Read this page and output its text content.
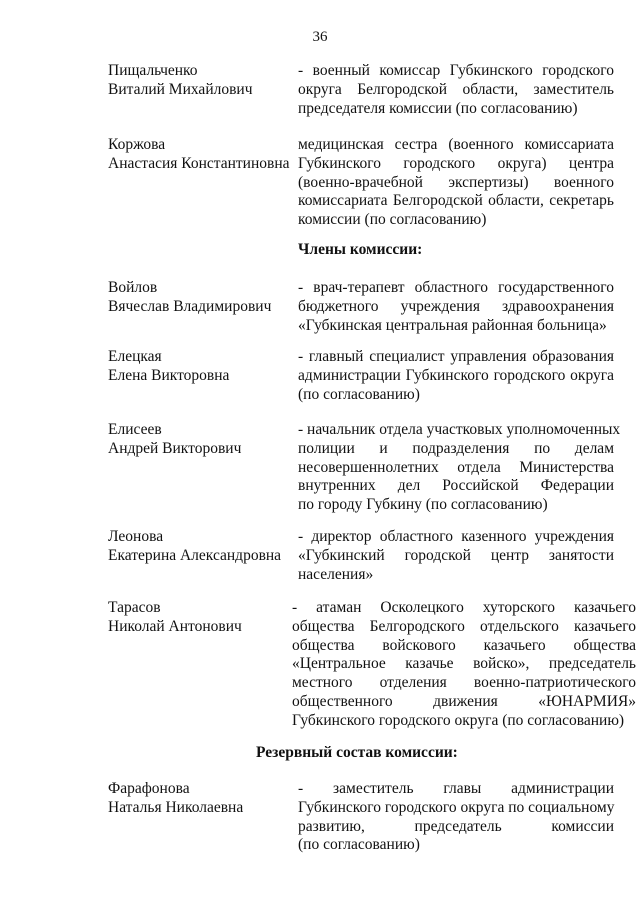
36
Пищальченко
Виталий Михайлович
- военный комиссар Губкинского городского
округа Белгородской области, заместитель
председателя комиссии (по согласованию)
Коржова
Анастасия Константиновна
медицинская сестра (военного комиссариата
Губкинского городского округа) центра
(военно-врачебной экспертизы) военного
комиссариата Белгородской области, секретарь
комиссии (по согласованию)
Члены комиссии:
Войлов
Вячеслав Владимирович
- врач-терапевт областного государственного
бюджетного учреждения здравоохранения
«Губкинская центральная районная больница»
Елецкая
Елена Викторовна
- главный специалист управления образования
администрации Губкинского городского округа
(по согласованию)
Елисеев
Андрей Викторович
- начальник отдела участковых уполномоченных
полиции и подразделения по делам
несовершеннолетних отдела Министерства
внутренних дел Российской Федерации
по городу Губкину (по согласованию)
Леонова
Екатерина Александровна
- директор областного казенного учреждения
«Губкинский городской центр занятости
населения»
Тарасов
Николай Антонович
- атаман Осколецкого хуторского казачьего
общества Белгородского отдельского казачьего
общества войскового казачьего общества
«Центральное казачье войско», председатель
местного отделения военно-патриотического
общественного движения «ЮНАРМИЯ»
Губкинского городского округа (по согласованию)
Резервный состав комиссии:
Фарафонова
Наталья Николаевна
- заместитель главы администрации
Губкинского городского округа по социальному
развитию, председатель комиссии
(по согласованию)
